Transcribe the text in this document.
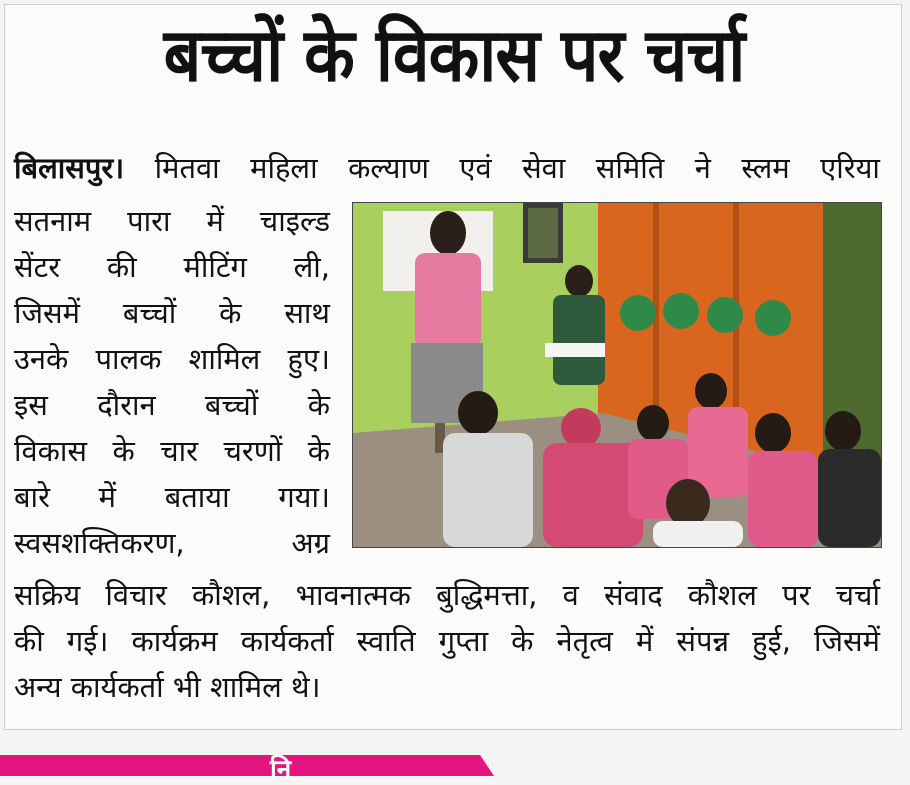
बच्चों के विकास पर चर्चा
बिलासपुर। मितवा महिला कल्याण एवं सेवा समिति ने स्लम एरिया
सतनाम पारा में चाइल्ड
सेंटर की मीटिंग ली,
जिसमें बच्चों के साथ
उनके पालक शामिल हुए।
इस दौरान बच्चों के
विकास के चार चरणों के
बारे में बताया गया।
स्वसशक्तिकरण,	अग्र
सक्रिय विचार कौशल, भावनात्मक बुद्धिमत्ता, व संवाद कौशल पर चर्चा
की गई। कार्यक्रम कार्यकर्ता स्वाति गुप्ता के नेतृत्व में संपन्न हुई, जिसमें
अन्य कार्यकर्ता भी शामिल थे।
नि
